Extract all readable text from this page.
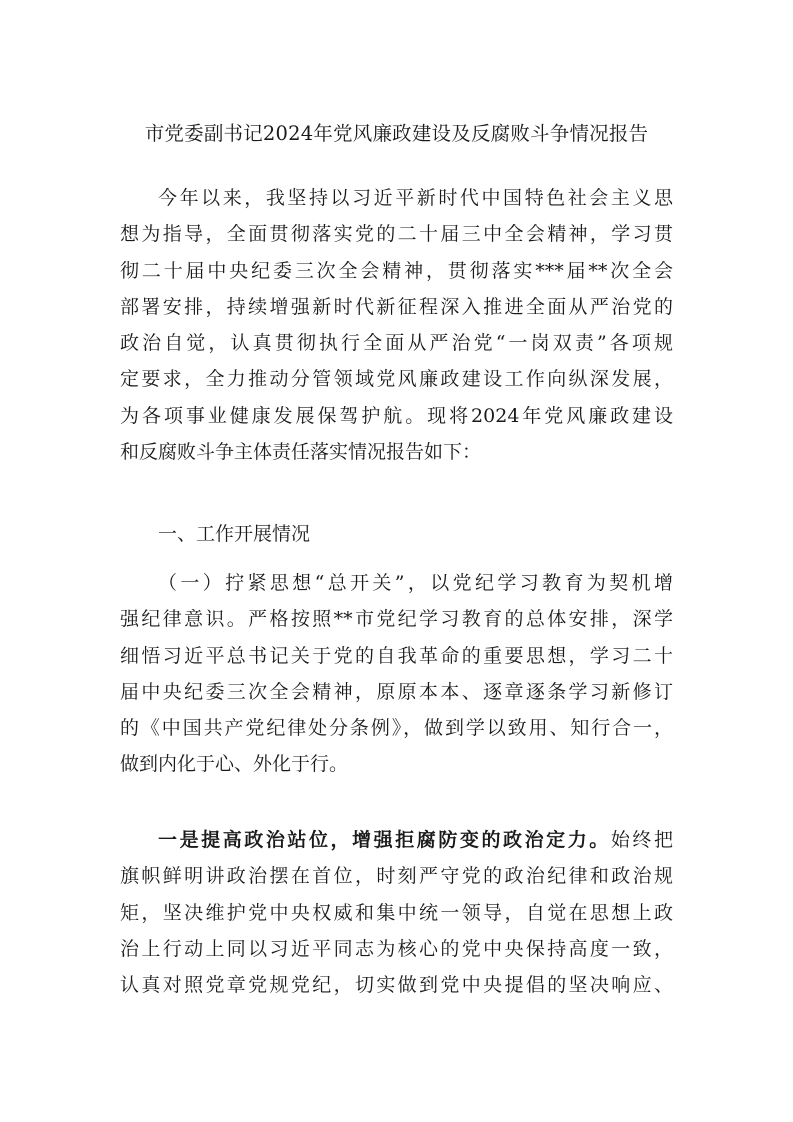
市党委副书记2024年党风廉政建设及反腐败斗争情况报告
今年以来，我坚持以习近平新时代中国特色社会主义思
想为指导，全面贯彻落实党的二十届三中全会精神，学习贯
彻二十届中央纪委三次全会精神，贯彻落实***届**次全会
部署安排，持续增强新时代新征程深入推进全面从严治党的
政治自觉，认真贯彻执行全面从严治党“一岗双责”各项规
定要求，全力推动分管领域党风廉政建设工作向纵深发展，
为各项事业健康发展保驾护航。现将2024年党风廉政建设
和反腐败斗争主体责任落实情况报告如下：
一、工作开展情况
（一）拧紧思想“总开关”，以党纪学习教育为契机增
强纪律意识。严格按照**市党纪学习教育的总体安排，深学
细悟习近平总书记关于党的自我革命的重要思想，学习二十
届中央纪委三次全会精神，原原本本、逐章逐条学习新修订
的《中国共产党纪律处分条例》，做到学以致用、知行合一，
做到内化于心、外化于行。
一是提高政治站位，增强拒腐防变的政治定力。始终把
旗帜鲜明讲政治摆在首位，时刻严守党的政治纪律和政治规
矩，坚决维护党中央权威和集中统一领导，自觉在思想上政
治上行动上同以习近平同志为核心的党中央保持高度一致，
认真对照党章党规党纪，切实做到党中央提倡的坚决响应、
